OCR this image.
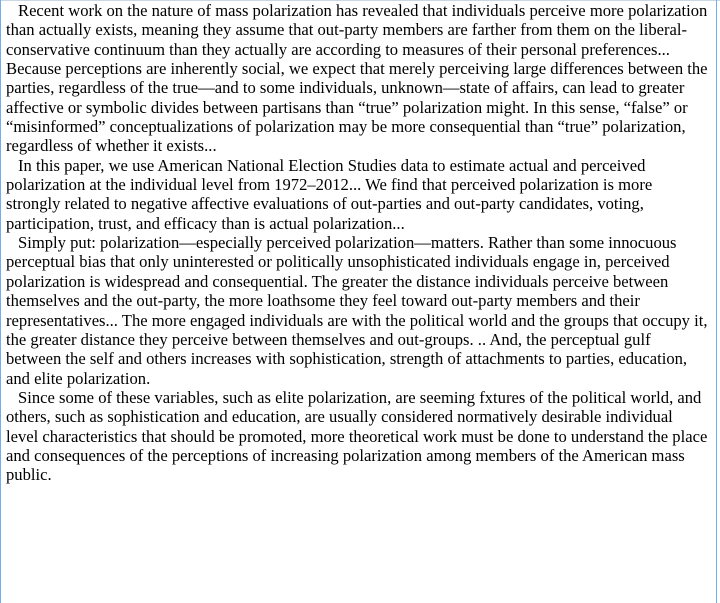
Recent work on the nature of mass polarization has revealed that individuals perceive more polarization than actually exists, meaning they assume that out-party members are farther from them on the liberal-conservative continuum than they actually are according to measures of their personal preferences... Because perceptions are inherently social, we expect that merely perceiving large differences between the parties, regardless of the true—and to some individuals, unknown—state of affairs, can lead to greater affective or symbolic divides between partisans than “true” polarization might. In this sense, “false” or “misinformed” conceptualizations of polarization may be more consequential than “true” polarization, regardless of whether it exists...

In this paper, we use American National Election Studies data to estimate actual and perceived polarization at the individual level from 1972–2012... We find that perceived polarization is more strongly related to negative affective evaluations of out-parties and out-party candidates, voting, participation, trust, and efficacy than is actual polarization...

Simply put: polarization—especially perceived polarization—matters. Rather than some innocuous perceptual bias that only uninterested or politically unsophisticated individuals engage in, perceived polarization is widespread and consequential. The greater the distance individuals perceive between themselves and the out-party, the more loathsome they feel toward out-party members and their representatives... The more engaged individuals are with the political world and the groups that occupy it, the greater distance they perceive between themselves and out-groups. .. And, the perceptual gulf between the self and others increases with sophistication, strength of attachments to parties, education, and elite polarization.

Since some of these variables, such as elite polarization, are seeming fxtures of the political world, and others, such as sophistication and education, are usually considered normatively desirable individual level characteristics that should be promoted, more theoretical work must be done to understand the place and consequences of the perceptions of increasing polarization among members of the American mass public.
